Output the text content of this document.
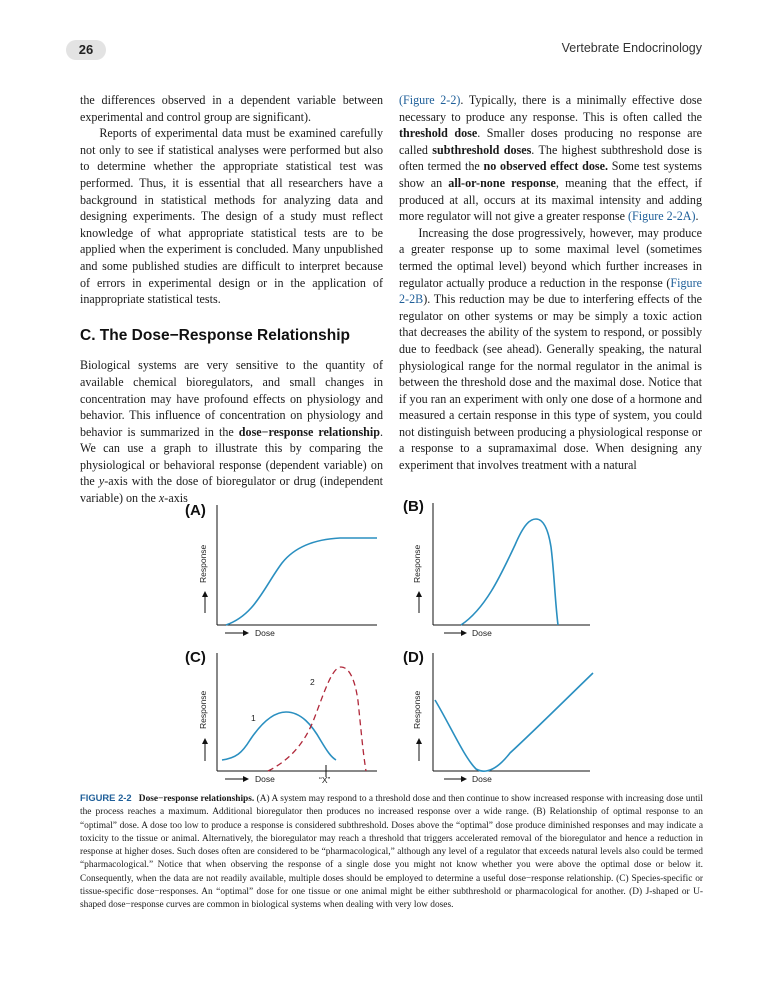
26	Vertebrate Endocrinology

the differences observed in a dependent variable between experimental and control group are significant).

Reports of experimental data must be examined carefully not only to see if statistical analyses were performed but also to determine whether the appropriate statistical test was performed. Thus, it is essential that all researchers have a background in statistical methods for analyzing data and designing experiments. The design of a study must reflect knowledge of what appropriate statistical tests are to be applied when the experiment is concluded. Many unpublished and some published studies are difficult to interpret because of errors in experimental design or in the application of inappropriate statistical tests.

C. The Dose−Response Relationship

Biological systems are very sensitive to the quantity of available chemical bioregulators, and small changes in concentration may have profound effects on physiology and behavior. This influence of concentration on physiology and behavior is summarized in the dose−response relationship. We can use a graph to illustrate this by comparing the physiological or behavioral response (dependent variable) on the y-axis with the dose of bioregulator or drug (independent variable) on the x-axis

(Figure 2-2). Typically, there is a minimally effective dose necessary to produce any response. This is often called the threshold dose. Smaller doses producing no response are called subthreshold doses. The highest subthreshold dose is often termed the no observed effect dose. Some test systems show an all-or-none response, meaning that the effect, if produced at all, occurs at its maximal intensity and adding more regulator will not give a greater response (Figure 2-2A).

Increasing the dose progressively, however, may produce a greater response up to some maximal level (sometimes termed the optimal level) beyond which further increases in regulator actually produce a reduction in the response (Figure 2-2B). This reduction may be due to interfering effects of the regulator on other systems or may be simply a toxic action that decreases the ability of the system to respond, or possibly due to feedback (see ahead). Generally speaking, the natural physiological range for the normal regulator in the animal is between the threshold dose and the maximal dose. Notice that if you ran an experiment with only one dose of a hormone and measured a certain response in this type of system, you could not distinguish between producing a physiological response or a response to a supramaximal dose. When designing any experiment that involves treatment with a natural

(A)
Response
Dose
(B)
Response
Dose
(C)
1
2
“X”
Response
Dose
(D)
Response
Dose
FIGURE 2-2 Dose−response relationships. (A) A system may respond to a threshold dose and then continue to show increased response with increasing dose until the process reaches a maximum. Additional bioregulator then produces no increased response over a wide range. (B) Relationship of optimal response to an “optimal” dose. A dose too low to produce a response is considered subthreshold. Doses above the “optimal” dose produce diminished responses and may indicate a toxicity to the tissue or animal. Alternatively, the bioregulator may reach a threshold that triggers accelerated removal of the bioregulator and hence a reduction in response at higher doses. Such doses often are considered to be “pharmacological,” although any level of a regulator that exceeds natural levels also could be termed “pharmacological.” Notice that when observing the response of a single dose you might not know whether you were above the optimal dose or below it. Consequently, when the data are not readily available, multiple doses should be employed to determine a useful dose−response relationship. (C) Species-specific or tissue-specific dose−responses. An “optimal” dose for one tissue or one animal might be either subthreshold or pharmacological for another. (D) J-shaped or U-shaped dose−response curves are common in biological systems when dealing with very low doses.
